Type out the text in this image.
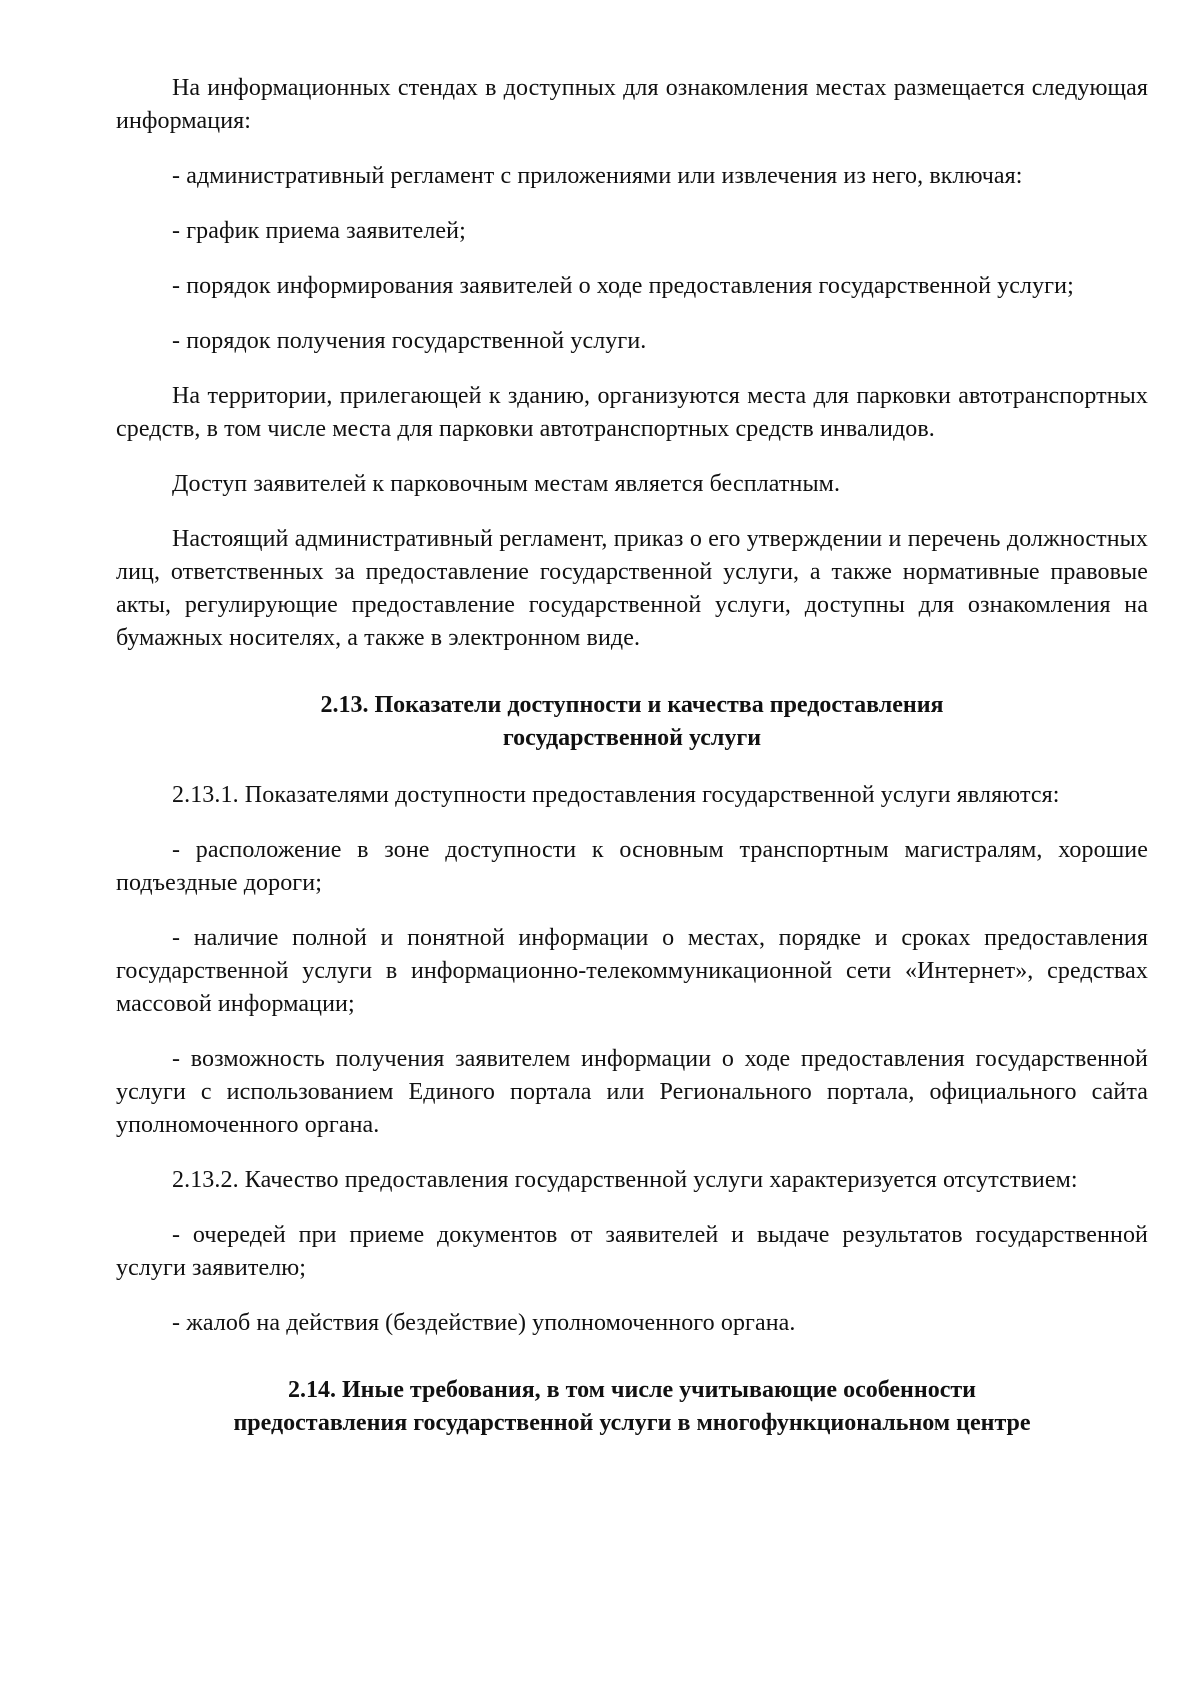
На информационных стендах в доступных для ознакомления местах размещается следующая информация:

- административный регламент с приложениями или извлечения из него, включая:

- график приема заявителей;

- порядок информирования заявителей о ходе предоставления государственной услуги;

- порядок получения государственной услуги.

На территории, прилегающей к зданию, организуются места для парковки автотранспортных средств, в том числе места для парковки автотранспортных средств инвалидов.

Доступ заявителей к парковочным местам является бесплатным.

Настоящий административный регламент, приказ о его утверждении и перечень должностных лиц, ответственных за предоставление государственной услуги, а также нормативные правовые акты, регулирующие предоставление государственной услуги, доступны для ознакомления на бумажных носителях, а также в электронном виде.

2.13. Показатели доступности и качества предоставления
государственной услуги

2.13.1. Показателями доступности предоставления государственной услуги являются:

- расположение в зоне доступности к основным транспортным магистралям, хорошие подъездные дороги;

- наличие полной и понятной информации о местах, порядке и сроках предоставления государственной услуги в информационно-телекоммуникационной сети «Интернет», средствах массовой информации;

- возможность получения заявителем информации о ходе предоставления государственной услуги с использованием Единого портала или Регионального портала, официального сайта уполномоченного органа.

2.13.2. Качество предоставления государственной услуги характеризуется отсутствием:

- очередей при приеме документов от заявителей и выдаче результатов государственной услуги заявителю;

- жалоб на действия (бездействие) уполномоченного органа.

2.14. Иные требования, в том числе учитывающие особенности
предоставления государственной услуги в многофункциональном центре
